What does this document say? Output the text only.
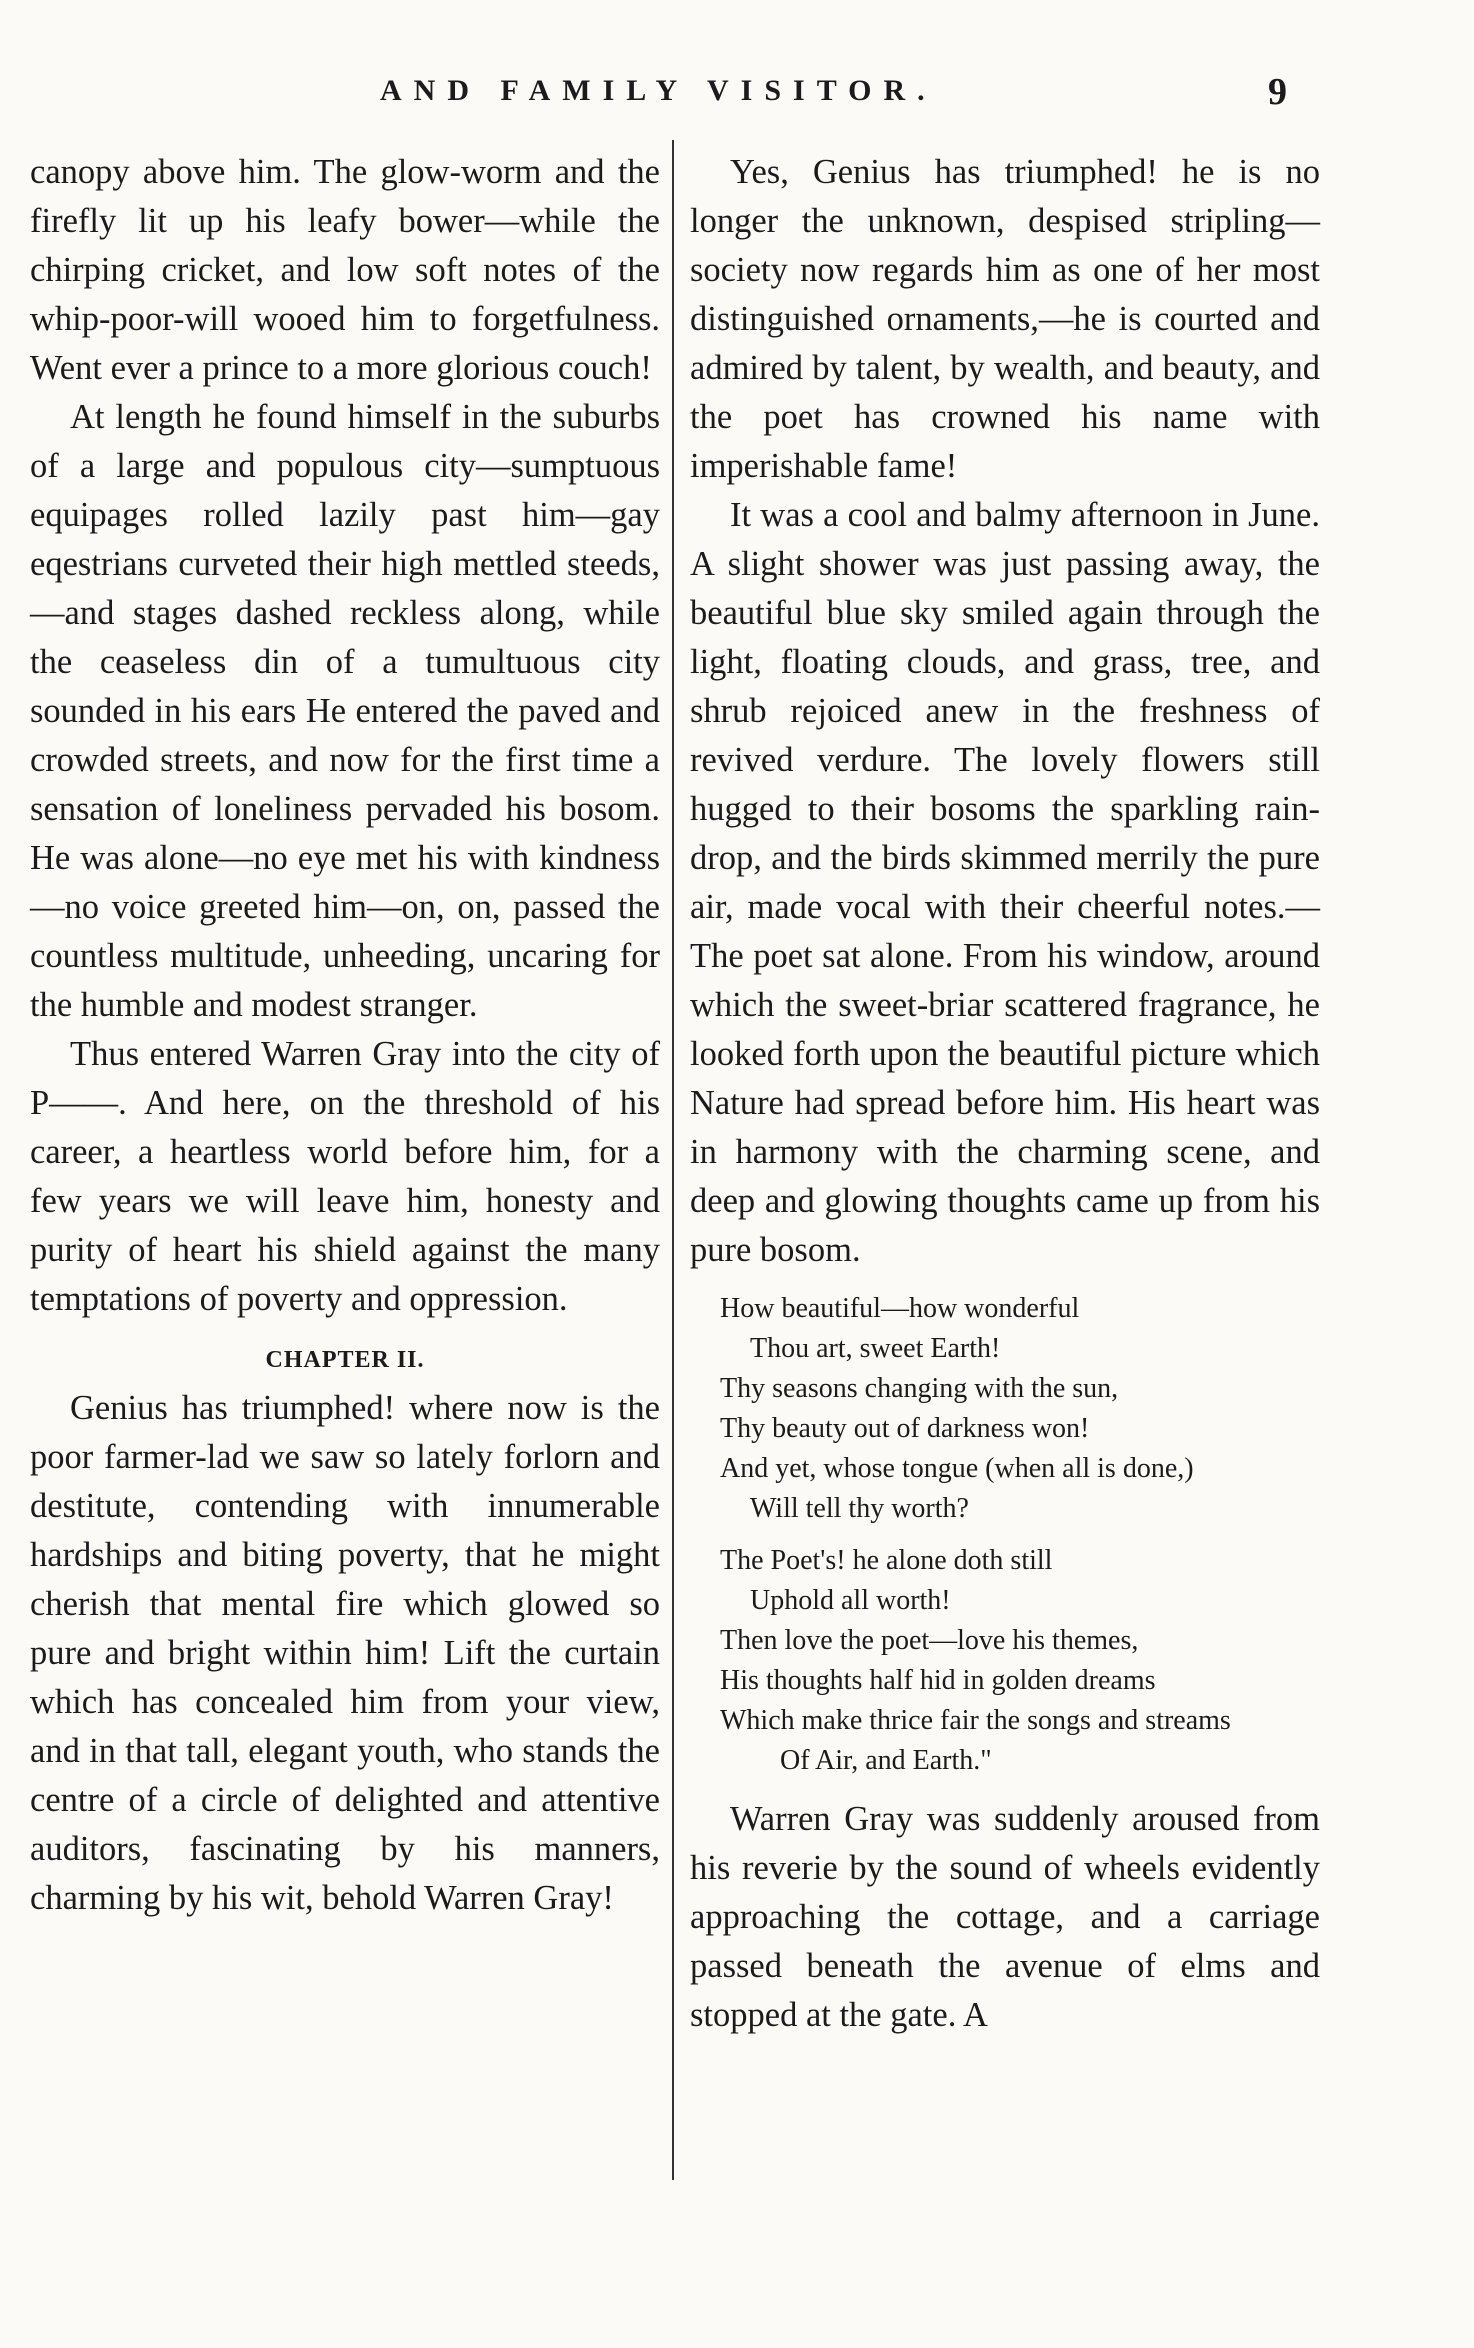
AND FAMILY VISITOR.	9

canopy above him. The glow-worm and the firefly lit up his leafy bower—while the chirping cricket, and low soft notes of the whip-poor-will wooed him to forgetfulness. Went ever a prince to a more glorious couch!

At length he found himself in the suburbs of a large and populous city—sumptuous equipages rolled lazily past him—gay eqestrians curveted their high mettled steeds,—and stages dashed reckless along, while the ceaseless din of a tumultuous city sounded in his ears He entered the paved and crowded streets, and now for the first time a sensation of loneliness pervaded his bosom. He was alone—no eye met his with kindness—no voice greeted him—on, on, passed the countless multitude, unheeding, uncaring for the humble and modest stranger.

Thus entered Warren Gray into the city of P——. And here, on the threshold of his career, a heartless world before him, for a few years we will leave him, honesty and purity of heart his shield against the many temptations of poverty and oppression.

CHAPTER II.

Genius has triumphed! where now is the poor farmer-lad we saw so lately forlorn and destitute, contending with innumerable hardships and biting poverty, that he might cherish that mental fire which glowed so pure and bright within him! Lift the curtain which has concealed him from your view, and in that tall, elegant youth, who stands the centre of a circle of delighted and attentive auditors, fascinating by his manners, charming by his wit, behold Warren Gray!

Yes, Genius has triumphed! he is no longer the unknown, despised stripling—society now regards him as one of her most distinguished ornaments,—he is courted and admired by talent, by wealth, and beauty, and the poet has crowned his name with imperishable fame!

It was a cool and balmy afternoon in June. A slight shower was just passing away, the beautiful blue sky smiled again through the light, floating clouds, and grass, tree, and shrub rejoiced anew in the freshness of revived verdure. The lovely flowers still hugged to their bosoms the sparkling rain-drop, and the birds skimmed merrily the pure air, made vocal with their cheerful notes.—The poet sat alone. From his window, around which the sweet-briar scattered fragrance, he looked forth upon the beautiful picture which Nature had spread before him. His heart was in harmony with the charming scene, and deep and glowing thoughts came up from his pure bosom.

How beautiful—how wonderful
Thou art, sweet Earth!
Thy seasons changing with the sun,
Thy beauty out of darkness won!
And yet, whose tongue (when all is done,)
Will tell thy worth?
The Poet's! he alone doth still
Uphold all worth!
Then love the poet—love his themes,
His thoughts half hid in golden dreams
Which make thrice fair the songs and streams
Of Air, and Earth."

Warren Gray was suddenly aroused from his reverie by the sound of wheels evidently approaching the cottage, and a carriage passed beneath the avenue of elms and stopped at the gate. A
